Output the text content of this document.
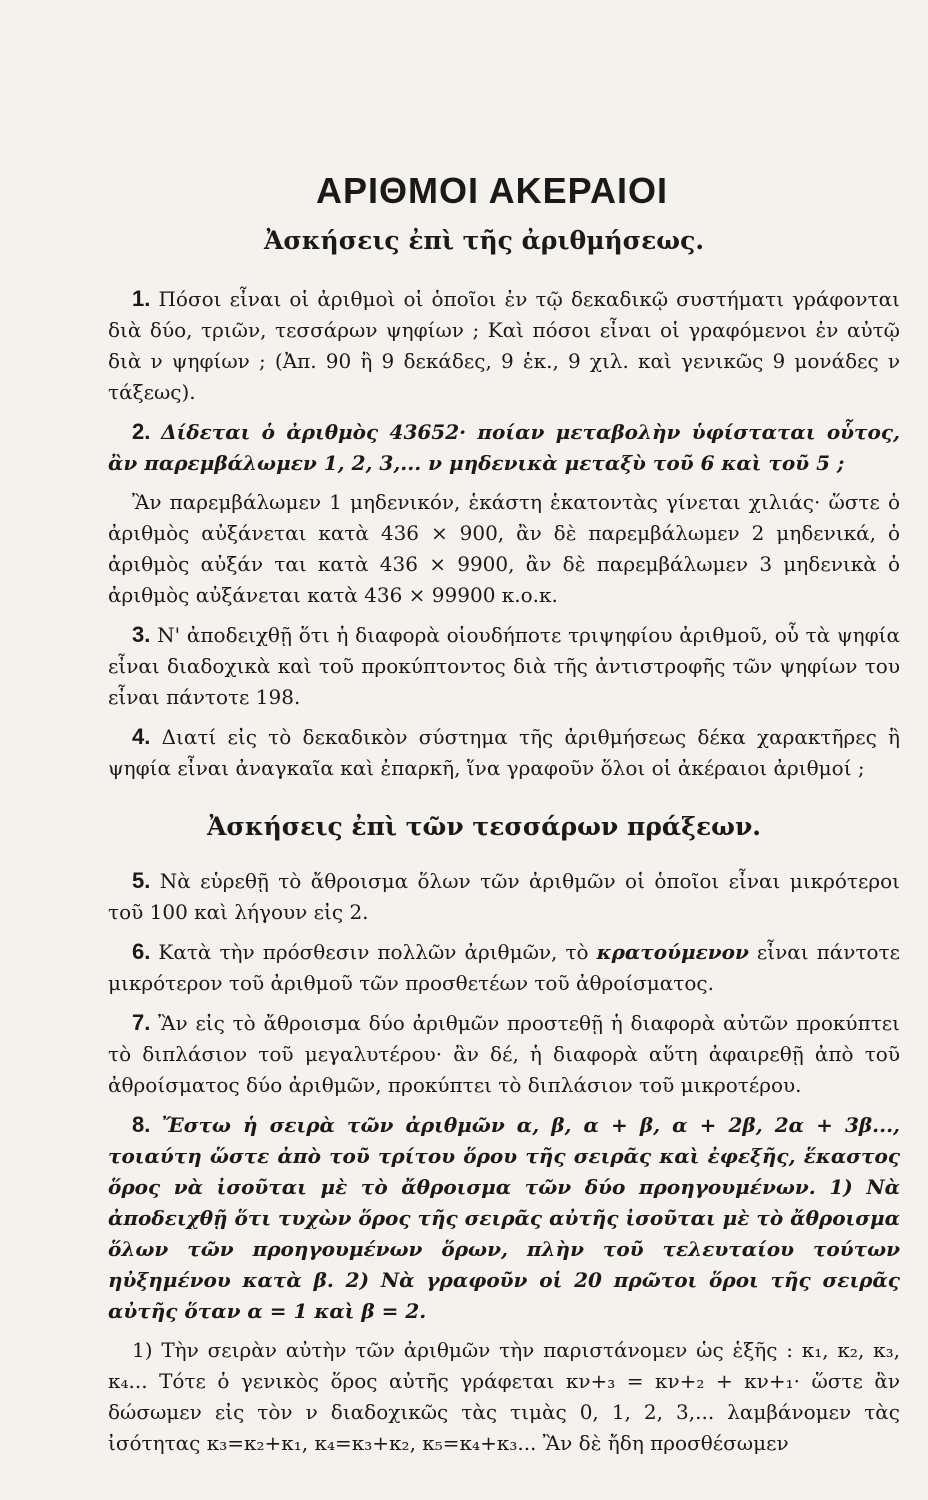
ΑΡΙΘΜΟΙ ΑΚΕΡΑΙΟΙ
Ἀσκήσεις ἐπὶ τῆς ἀριθμήσεως.

1. Πόσοι εἶναι οἱ ἀριθμοὶ οἱ ὁποῖοι ἐν τῷ δεκαδικῷ συστήματι γράφονται διὰ δύο, τριῶν, τεσσάρων ψηφίων ; Καὶ πόσοι εἶναι οἱ γραφόμενοι ἐν αὐτῷ διὰ ν ψηφίων ; (Ἀπ. 90 ἢ 9 δεκάδες, 9 ἑκ., 9 χιλ. καὶ γενικῶς 9 μονάδες ν τάξεως).

2. Δίδεται ὁ ἀριθμὸς 43652· ποίαν μεταβολὴν ὑφίσταται οὗτος, ἂν παρεμβάλωμεν 1, 2, 3,... ν μηδενικὰ μεταξὺ τοῦ 6 καὶ τοῦ 5 ;

Ἂν παρεμβάλωμεν 1 μηδενικόν, ἑκάστη ἑκατοντὰς γίνεται χιλιάς· ὥστε ὁ ἀριθμὸς αὐξάνεται κατὰ 436 × 900, ἂν δὲ παρεμβάλωμεν 2 μηδενικά, ὁ ἀριθμὸς αὐξάν ται κατὰ 436 × 9900, ἂν δὲ παρεμβάλωμεν 3 μηδενικὰ ὁ ἀριθμὸς αὐξάνεται κατὰ 436 × 99900 κ.ο.κ.

3. Ν' ἀποδειχθῇ ὅτι ἡ διαφορὰ οἱουδήποτε τριψηφίου ἀριθμοῦ, οὗ τὰ ψηφία εἶναι διαδοχικὰ καὶ τοῦ προκύπτοντος διὰ τῆς ἀντιστροφῆς τῶν ψηφίων του εἶναι πάντοτε 198.

4. Διατί εἰς τὸ δεκαδικὸν σύστημα τῆς ἀριθμήσεως δέκα χαρακτῆρες ἢ ψηφία εἶναι ἀναγκαῖα καὶ ἐπαρκῆ, ἵνα γραφοῦν ὅλοι οἱ ἀκέραιοι ἀριθμοί ;

Ἀσκήσεις ἐπὶ τῶν τεσσάρων πράξεων.

5. Νὰ εὑρεθῇ τὸ ἄθροισμα ὅλων τῶν ἀριθμῶν οἱ ὁποῖοι εἶναι μικρότεροι τοῦ 100 καὶ λήγουν εἰς 2.

6. Κατὰ τὴν πρόσθεσιν πολλῶν ἀριθμῶν, τὸ κρατούμενον εἶναι πάντοτε μικρότερον τοῦ ἀριθμοῦ τῶν προσθετέων τοῦ ἀθροίσματος.

7. Ἂν εἰς τὸ ἄθροισμα δύο ἀριθμῶν προστεθῇ ἡ διαφορὰ αὐτῶν προκύπτει τὸ διπλάσιον τοῦ μεγαλυτέρου· ἂν δέ, ἡ διαφορὰ αὕτη ἀφαιρεθῇ ἀπὸ τοῦ ἀθροίσματος δύο ἀριθμῶν, προκύπτει τὸ διπλάσιον τοῦ μικροτέρου.

8. Ἔστω ἡ σειρὰ τῶν ἀριθμῶν α, β, α + β, α + 2β, 2α + 3β..., τοιαύτη ὥστε ἀπὸ τοῦ τρίτου ὅρου τῆς σειρᾶς καὶ ἐφεξῆς, ἕκαστος ὅρος νὰ ἰσοῦται μὲ τὸ ἄθροισμα τῶν δύο προηγουμένων. 1) Νὰ ἀποδειχθῇ ὅτι τυχὼν ὅρος τῆς σειρᾶς αὐτῆς ἰσοῦται μὲ τὸ ἄθροισμα ὅλων τῶν προηγουμένων ὅρων, πλὴν τοῦ τελευταίου τούτων ηὐξημένου κατὰ β. 2) Νὰ γραφοῦν οἱ 20 πρῶτοι ὅροι τῆς σειρᾶς αὐτῆς ὅταν α = 1 καὶ β = 2.

1) Τὴν σειρὰν αὐτὴν τῶν ἀριθμῶν τὴν παριστάνομεν ὡς ἑξῆς : κ₁, κ₂, κ₃, κ₄... Τότε ὁ γενικὸς ὅρος αὐτῆς γράφεται κν+₃ = κν+₂ + κν+₁· ὥστε ἂν δώσωμεν εἰς τὸν ν διαδοχικῶς τὰς τιμὰς 0, 1, 2, 3,... λαμβάνομεν τὰς ἰσότητας κ₃=κ₂+κ₁, κ₄=κ₃+κ₂, κ₅=κ₄+κ₃... Ἂν δὲ ἤδη προσθέσωμεν
